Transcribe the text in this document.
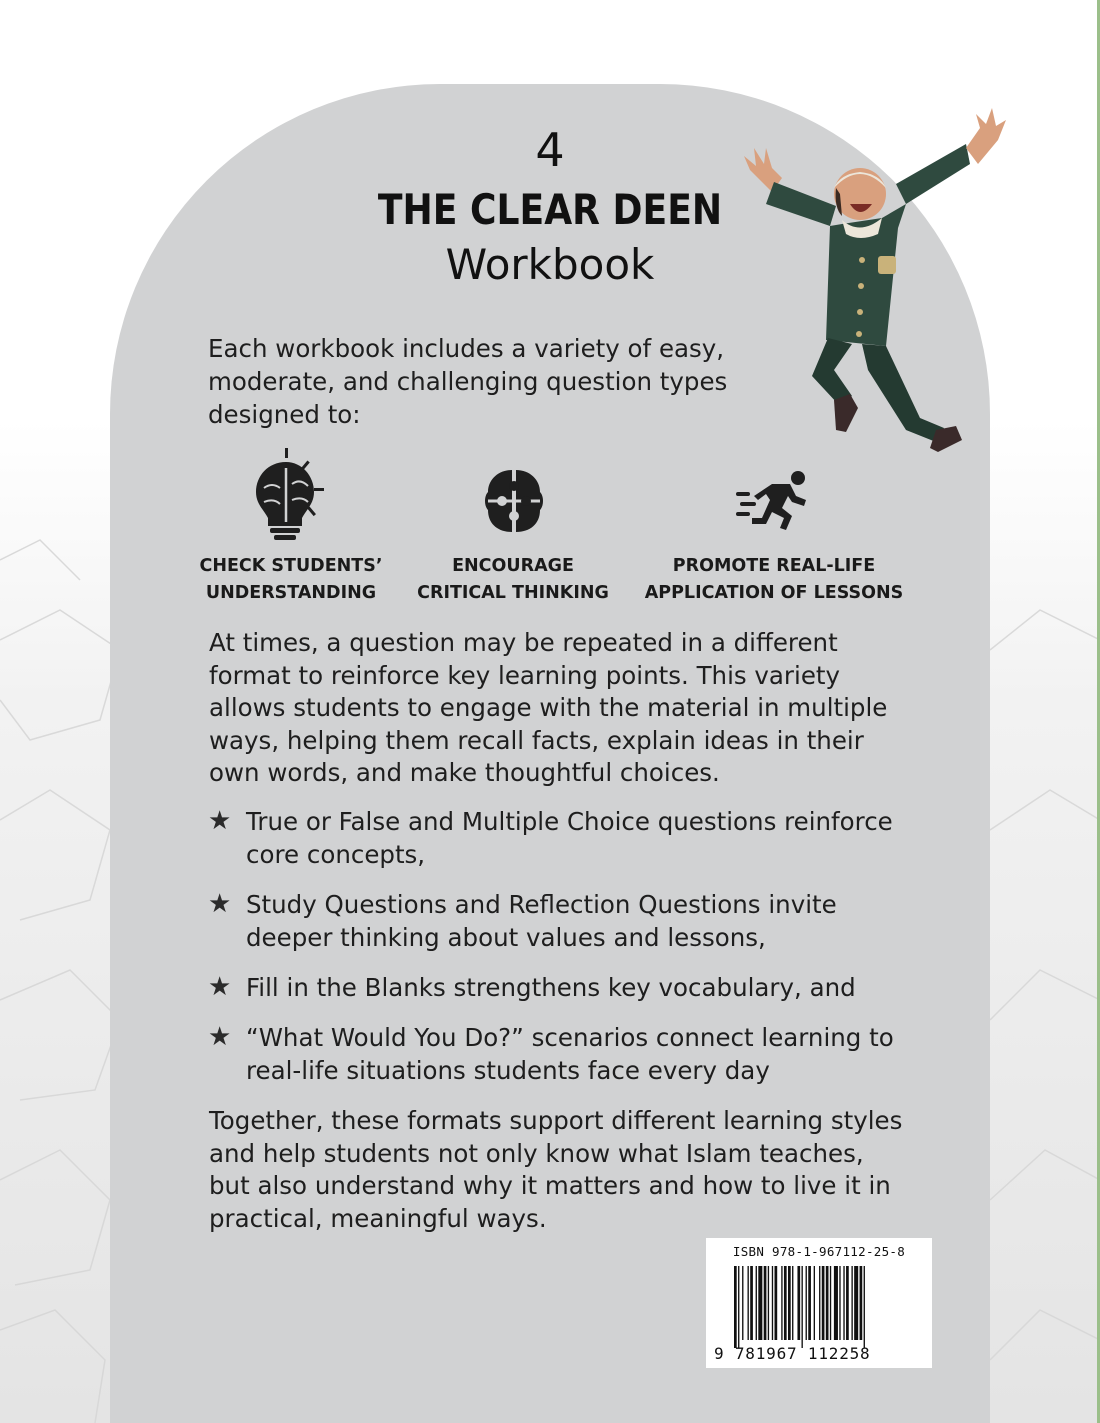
4
THE CLEAR DEEN
Workbook
Each workbook includes a variety of easy, moderate, and challenging question types designed to:
CHECK STUDENTS’
UNDERSTANDING
ENCOURAGE
CRITICAL THINKING
PROMOTE REAL-LIFE
APPLICATION OF LESSONS
At times, a question may be repeated in a different format to reinforce key learning points. This variety allows students to engage with the material in multiple ways, helping them recall facts, explain ideas in their own words, and make thoughtful choices.
★ True or False and Multiple Choice questions reinforce core concepts,
★ Study Questions and Reflection Questions invite deeper thinking about values and lessons,
★ Fill in the Blanks strengthens key vocabulary, and
★ “What Would You Do?” scenarios connect learning to real-life situations students face every day
Together, these formats support different learning styles and help students not only know what Islam teaches, but also understand why it matters and how to live it in practical, meaningful ways.
ISBN 978-1-967112-25-8
9 781967 112258
